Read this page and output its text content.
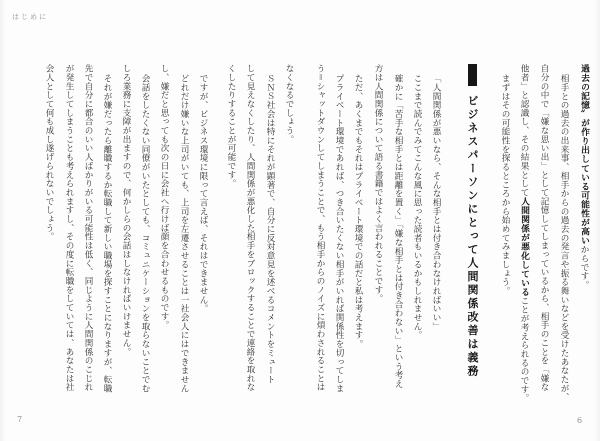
はじめに
なくなるでしょう。
ＳＮＳ社会は特にそれが顕著で、自分に反対意見を述べるコメントをミュート
して見えなくしたり、人間関係が悪化した相手をブロックすることで連絡を取れな
くしたりすることが可能です。
ですが、ビジネス環境に限って言えば、それはできません。
どれだけ嫌いな上司がいても、上司を左遷させることは一社会人にはできません
し、嫌だと思っても次の日に会社へ行けば顔を合わせるものです。
会話をしたくない同僚がいたとしても、コミュニケーションを取らないことでむ
しろ業務に支障が出ますので、何かしらの会話はしなければいけません。
それが嫌だったら離職するか転職して新しい職場を探すことになりますが、転職
先で自分に都合のいい人ばかりがいる可能性は低く、同じように人間関係のこじれ
が発生してしまうことも考えられますし、その度に転職をしていては、あなたは社
会人として何も成し遂げられないでしょう。	過去の記憶〟が作り出している可能性が高いからです。
相手との過去の出来事、相手からの過去の発言や振る舞いなどを受けたあなたが、
自分の中で「嫌な思い出」として記憶してしまっているから、相手のことを「嫌な
他者」と認識し、その結果として人間関係が悪化していることが考えられるのです。
まずはその可能性を探るところから始めてみましょう。
ビジネスパーソンにとって人間関係改善は義務
「人間関係が悪いなら、そんな相手とは付き合わなければいい」
ここまで読んでみてこんな風に思った読者もいるかもしれません。
確かに「苦手な相手とは距離を置く」「嫌な相手とは付き合わない」という考え
方は人間関係について語る書籍ではよく言われることです。
ただ、あくまでもそれはプライベート環境での話だと私は考えます。
プライベート環境であれば、つき合いたくない相手がいれば関係性を切ってしま
う＝シャットダウンしてしまうことで、もう相手からのノイズに煩わされることは
7	6
